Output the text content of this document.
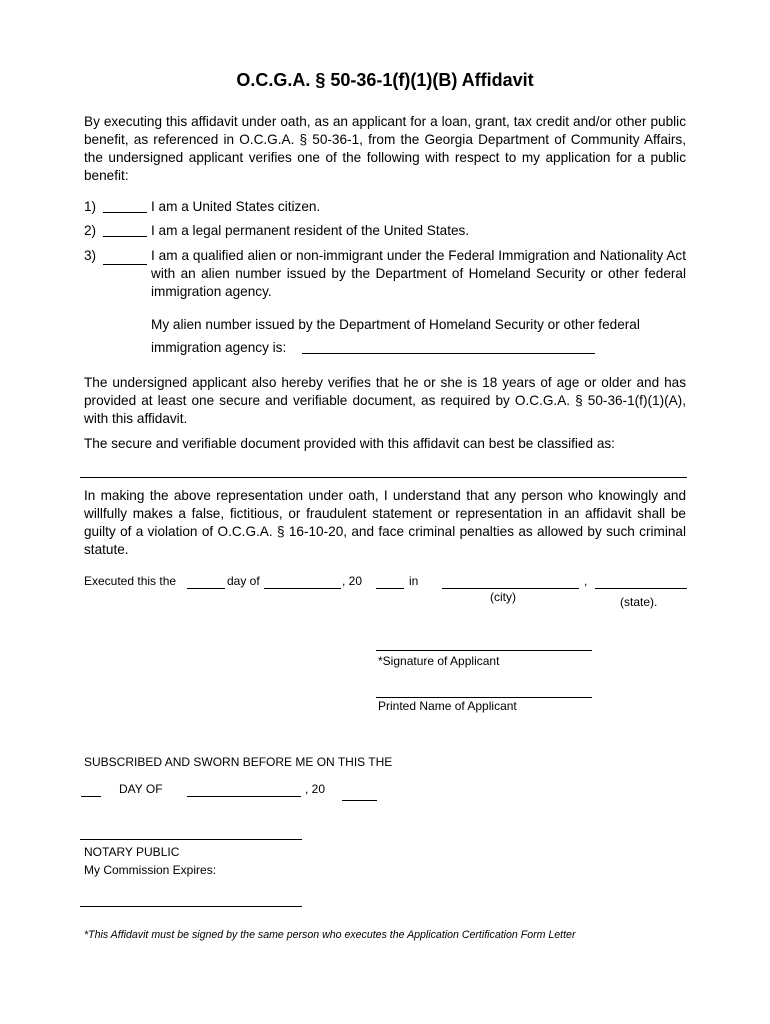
O.C.G.A. § 50-36-1(f)(1)(B) Affidavit
By executing this affidavit under oath, as an applicant for a loan, grant, tax credit and/or other public benefit, as referenced in O.C.G.A. § 50-36-1, from the Georgia Department of Community Affairs, the undersigned applicant verifies one of the following with respect to my application for a public benefit:
1)	I am a United States citizen.
2)	I am a legal permanent resident of the United States.
3)	I am a qualified alien or non-immigrant under the Federal Immigration and Nationality Act with an alien number issued by the Department of Homeland Security or other federal immigration agency.
My alien number issued by the Department of Homeland Security or other federal
immigration agency is:
The undersigned applicant also hereby verifies that he or she is 18 years of age or older and has provided at least one secure and verifiable document, as required by O.C.G.A. § 50-36-1(f)(1)(A), with this affidavit.
The secure and verifiable document provided with this affidavit can best be classified as:
In making the above representation under oath, I understand that any person who knowingly and willfully makes a false, fictitious, or fraudulent statement or representation in an affidavit shall be guilty of a violation of O.C.G.A. § 16-10-20, and face criminal penalties as allowed by such criminal statute.
Executed this the	day of	, 20	in	,
(city)	(state).
*Signature of Applicant
Printed Name of Applicant
SUBSCRIBED AND SWORN BEFORE ME ON THIS THE
DAY OF	, 20
NOTARY PUBLIC
My Commission Expires:
*This Affidavit must be signed by the same person who executes the Application Certification Form Letter
